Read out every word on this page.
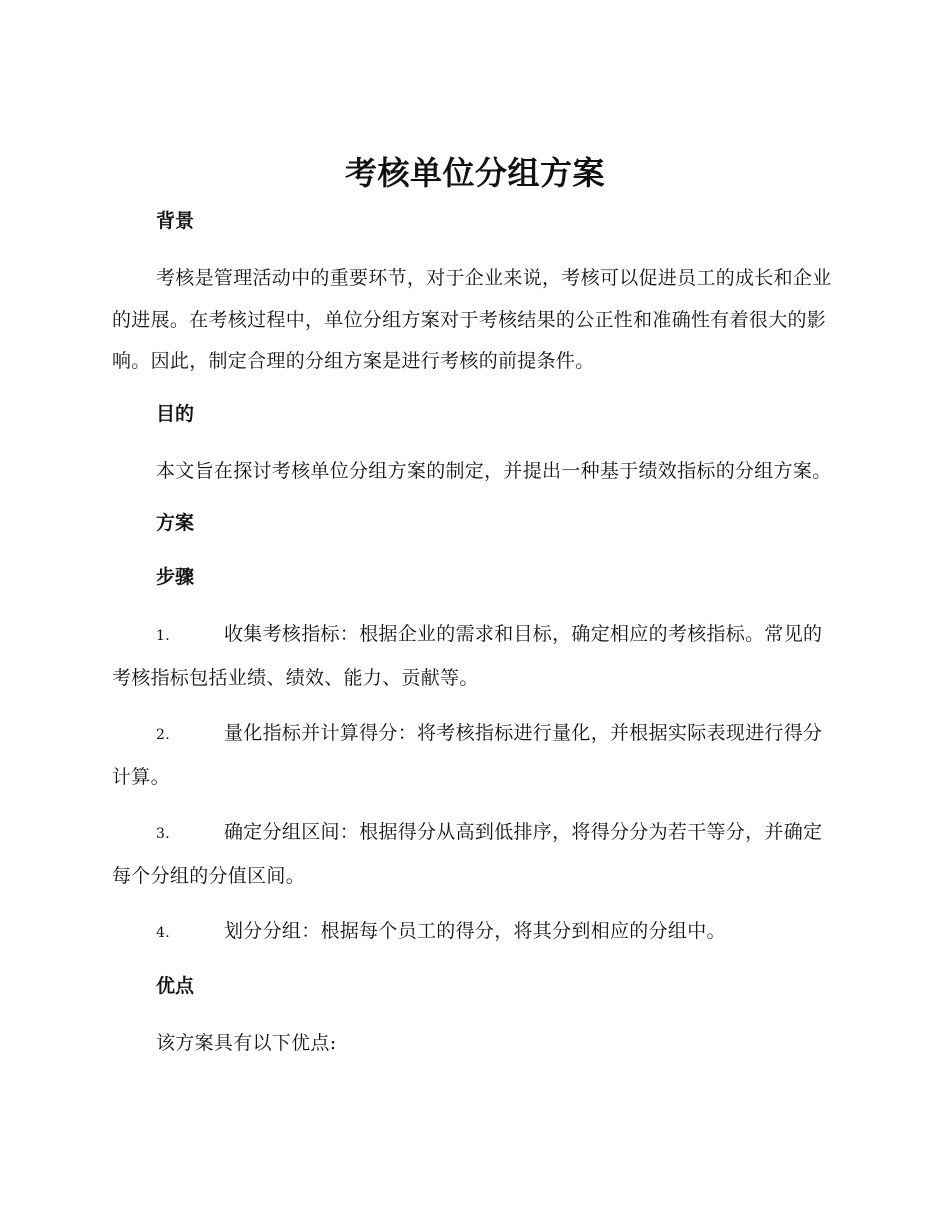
考核单位分组方案
背景

考核是管理活动中的重要环节，对于企业来说，考核可以促进员工的成长和企业的进展。在考核过程中，单位分组方案对于考核结果的公正性和准确性有着很大的影响。因此，制定合理的分组方案是进行考核的前提条件。

目的

本文旨在探讨考核单位分组方案的制定，并提出一种基于绩效指标的分组方案。

方案
步骤

1.	收集考核指标：根据企业的需求和目标，确定相应的考核指标。常见的考核指标包括业绩、绩效、能力、贡献等。

2.	量化指标并计算得分：将考核指标进行量化，并根据实际表现进行得分计算。

3.	确定分组区间：根据得分从高到低排序，将得分分为若干等分，并确定每个分组的分值区间。

4.	划分分组：根据每个员工的得分，将其分到相应的分组中。

优点

该方案具有以下优点:
